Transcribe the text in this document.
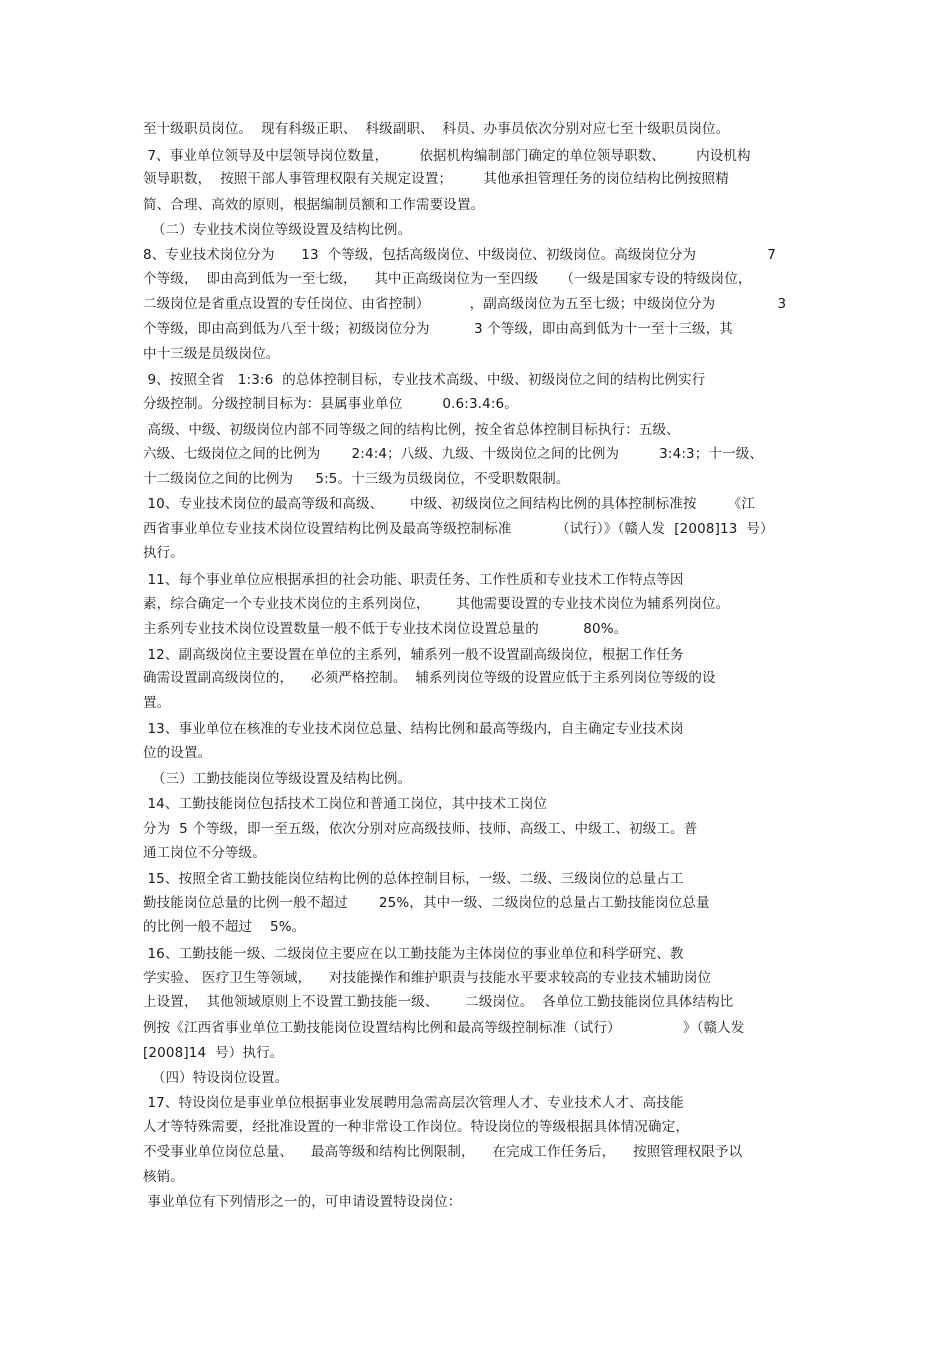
至十级职员岗位。  现有科级正职、  科级副职、  科员、办事员依次分别对应七至十级职员岗位。
7、事业单位领导及中层领导岗位数量，       依据机构编制部门确定的单位领导职数、       内设机构
领导职数，  按照干部人事管理权限有关规定设置；       其他承担管理任务的岗位结构比例按照精
简、合理、高效的原则，根据编制员额和工作需要设置。
（二）专业技术岗位等级设置及结构比例。
8、专业技术岗位分为      13  个等级，包括高级岗位、中级岗位、初级岗位。高级岗位分为                7
个等级，  即由高到低为一至七级，    其中正高级岗位为一至四级     （一级是国家专设的特级岗位，
二级岗位是省重点设置的专任岗位、由省控制）         ，副高级岗位为五至七级；中级岗位分为              3
个等级，即由高到低为八至十级；初级岗位分为          3 个等级，即由高到低为十一至十三级，其
中十三级是员级岗位。
9、按照全省   1:3:6  的总体控制目标，专业技术高级、中级、初级岗位之间的结构比例实行
分级控制。分级控制目标为：县属事业单位         0.6:3.4:6。
高级、中级、初级岗位内部不同等级之间的结构比例，按全省总体控制目标执行：五级、
六级、七级岗位之间的比例为       2:4:4；八级、九级、十级岗位之间的比例为         3:4:3；十一级、
十二级岗位之间的比例为     5:5。十三级为员级岗位，不受职数限制。
10、专业技术岗位的最高等级和高级、      中级、初级岗位之间结构比例的具体控制标准按       《江
西省事业单位专业技术岗位设置结构比例及最高等级控制标准          （试行）》（赣人发  [2008]13  号）
执行。
11、每个事业单位应根据承担的社会功能、职责任务、工作性质和专业技术工作特点等因
素，综合确定一个专业技术岗位的主系列岗位，      其他需要设置的专业技术岗位为辅系列岗位。
主系列专业技术岗位设置数量一般不低于专业技术岗位设置总量的          80%。
12、副高级岗位主要设置在单位的主系列，辅系列一般不设置副高级岗位，根据工作任务
确需设置副高级岗位的，    必须严格控制。  辅系列岗位等级的设置应低于主系列岗位等级的设
置。
13、事业单位在核准的专业技术岗位总量、结构比例和最高等级内，自主确定专业技术岗
位的设置。
（三）工勤技能岗位等级设置及结构比例。
14、工勤技能岗位包括技术工岗位和普通工岗位，其中技术工岗位
分为  5 个等级，即一至五级，依次分别对应高级技师、技师、高级工、中级工、初级工。普
通工岗位不分等级。
15、按照全省工勤技能岗位结构比例的总体控制目标，一级、二级、三级岗位的总量占工
勤技能岗位总量的比例一般不超过       25%，其中一级、二级岗位的总量占工勤技能岗位总量
的比例一般不超过    5%。
16、工勤技能一级、二级岗位主要应在以工勤技能为主体岗位的事业单位和科学研究、教
学实验、 医疗卫生等领域，    对技能操作和维护职责与技能水平要求较高的专业技术辅助岗位
上设置，  其他领域原则上不设置工勤技能一级、      二级岗位。  各单位工勤技能岗位具体结构比
例按《江西省事业单位工勤技能岗位设置结构比例和最高等级控制标准（试行）              》（赣人发
[2008]14  号）执行。
（四）特设岗位设置。
17、特设岗位是事业单位根据事业发展聘用急需高层次管理人才、专业技术人才、高技能
人才等特殊需要，经批准设置的一种非常设工作岗位。特设岗位的等级根据具体情况确定，
不受事业单位岗位总量、    最高等级和结构比例限制，    在完成工作任务后，    按照管理权限予以
核销。
事业单位有下列情形之一的，可申请设置特设岗位：
